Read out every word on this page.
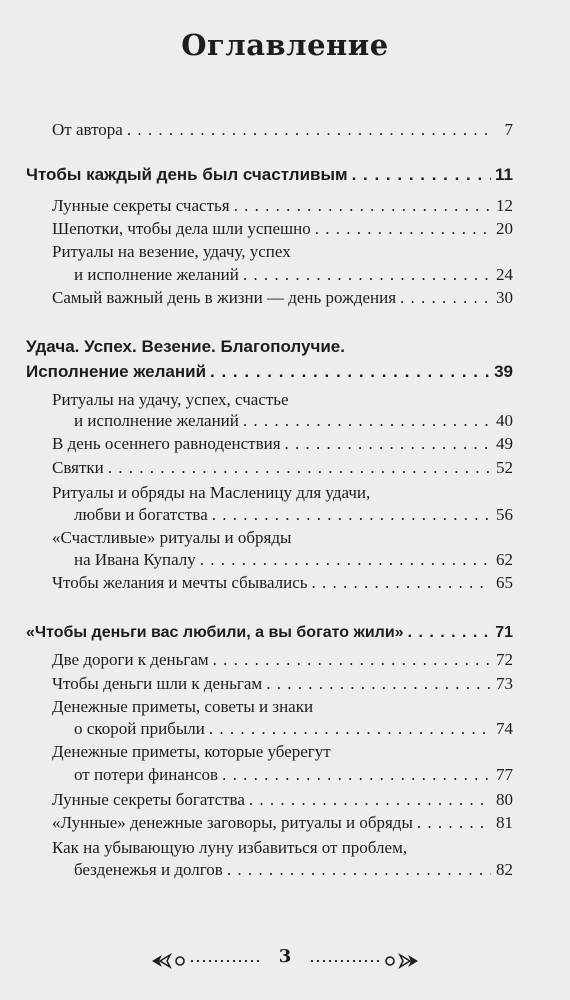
Оглавление
От автора . . .	7
Чтобы каждый день был счастливым . . .	11
Лунные секреты счастья . . .	12
Шепотки, чтобы дела шли успешно . . .	20
Ритуалы на везение, удачу, успех
и исполнение желаний . . .	24
Самый важный день в жизни — день рождения . . .	30
Удача. Успех. Везение. Благополучие.
Исполнение желаний . . .	39
Ритуалы на удачу, успех, счастье
и исполнение желаний . . .	40
В день осеннего равноденствия . . .	49
Святки . . .	52
Ритуалы и обряды на Масленицу для удачи,
любви и богатства . . .	56
«Счастливые» ритуалы и обряды
на Ивана Купалу . . .	62
Чтобы желания и мечты сбывались . . .	65
«Чтобы деньги вас любили, а вы богато жили» . . .	71
Две дороги к деньгам . . .	72
Чтобы деньги шли к деньгам . . .	73
Денежные приметы, советы и знаки
о скорой прибыли . . .	74
Денежные приметы, которые уберегут
от потери финансов . . .	77
Лунные секреты богатства . . .	80
«Лунные» денежные заговоры, ритуалы и обряды . . .	81
Как на убывающую луну избавиться от проблем,
безденежья и долгов . . .	82
3
